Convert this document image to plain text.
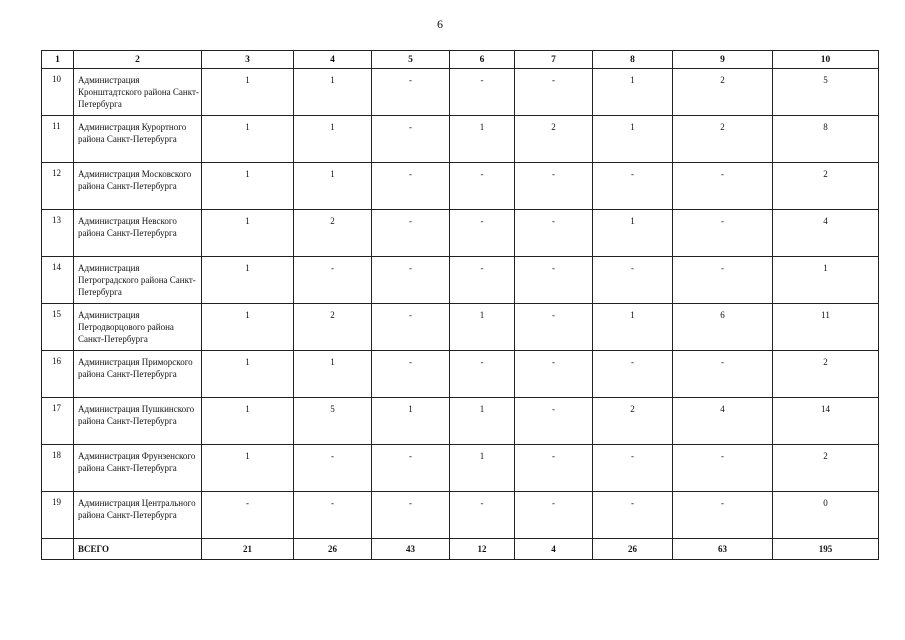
6
1	2	3	4	5	6	7	8	9	10
10	Администрация Кронштадтского района Санкт-Петербурга	1	1	-	-	-	1	2	5
11	Администрация Курортного района Санкт-Петербурга	1	1	-	1	2	1	2	8
12	Администрация Московского района Санкт-Петербурга	1	1	-	-	-	-	-	2
13	Администрация Невского района Санкт-Петербурга	1	2	-	-	-	1	-	4
14	Администрация Петроградского района Санкт-Петербурга	1	-	-	-	-	-	-	1
15	Администрация Петродворцового района Санкт-Петербурга	1	2	-	1	-	1	6	11
16	Администрация Приморского района Санкт-Петербурга	1	1	-	-	-	-	-	2
17	Администрация Пушкинского района Санкт-Петербурга	1	5	1	1	-	2	4	14
18	Администрация Фрунзенского района Санкт-Петербурга	1	-	-	1	-	-	-	2
19	Администрация Центрального района Санкт-Петербурга	-	-	-	-	-	-	-	0
	ВСЕГО	21	26	43	12	4	26	63	195
